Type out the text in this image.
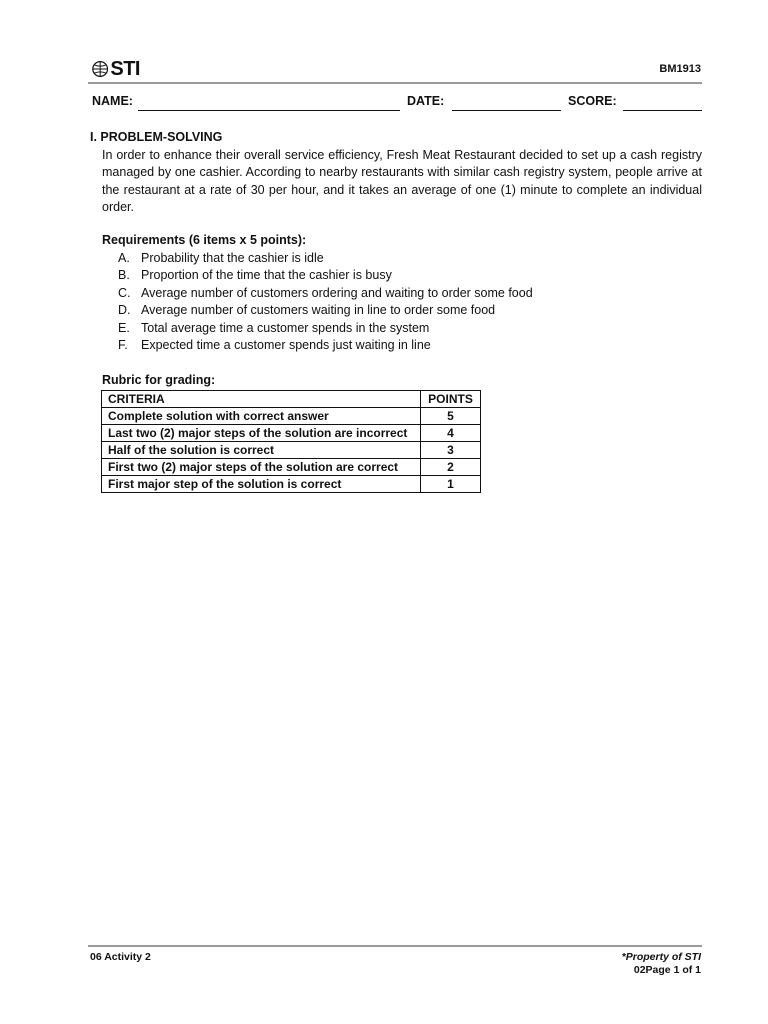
STI	BM1913
NAME:	DATE:	SCORE:
I. PROBLEM-SOLVING
In order to enhance their overall service efficiency, Fresh Meat Restaurant decided to set up a cash registry managed by one cashier. According to nearby restaurants with similar cash registry system, people arrive at the restaurant at a rate of 30 per hour, and it takes an average of one (1) minute to complete an individual order.
Requirements (6 items x 5 points):
A. Probability that the cashier is idle
B. Proportion of the time that the cashier is busy
C. Average number of customers ordering and waiting to order some food
D. Average number of customers waiting in line to order some food
E. Total average time a customer spends in the system
F.	Expected time a customer spends just waiting in line
Rubric for grading:
CRITERIA	POINTS
Complete solution with correct answer	5
Last two (2) major steps of the solution are incorrect	4
Half of the solution is correct	3
First two (2) major steps of the solution are correct	2
First major step of the solution is correct	1
06 Activity 2	*Property of STI
02Page 1 of 1
